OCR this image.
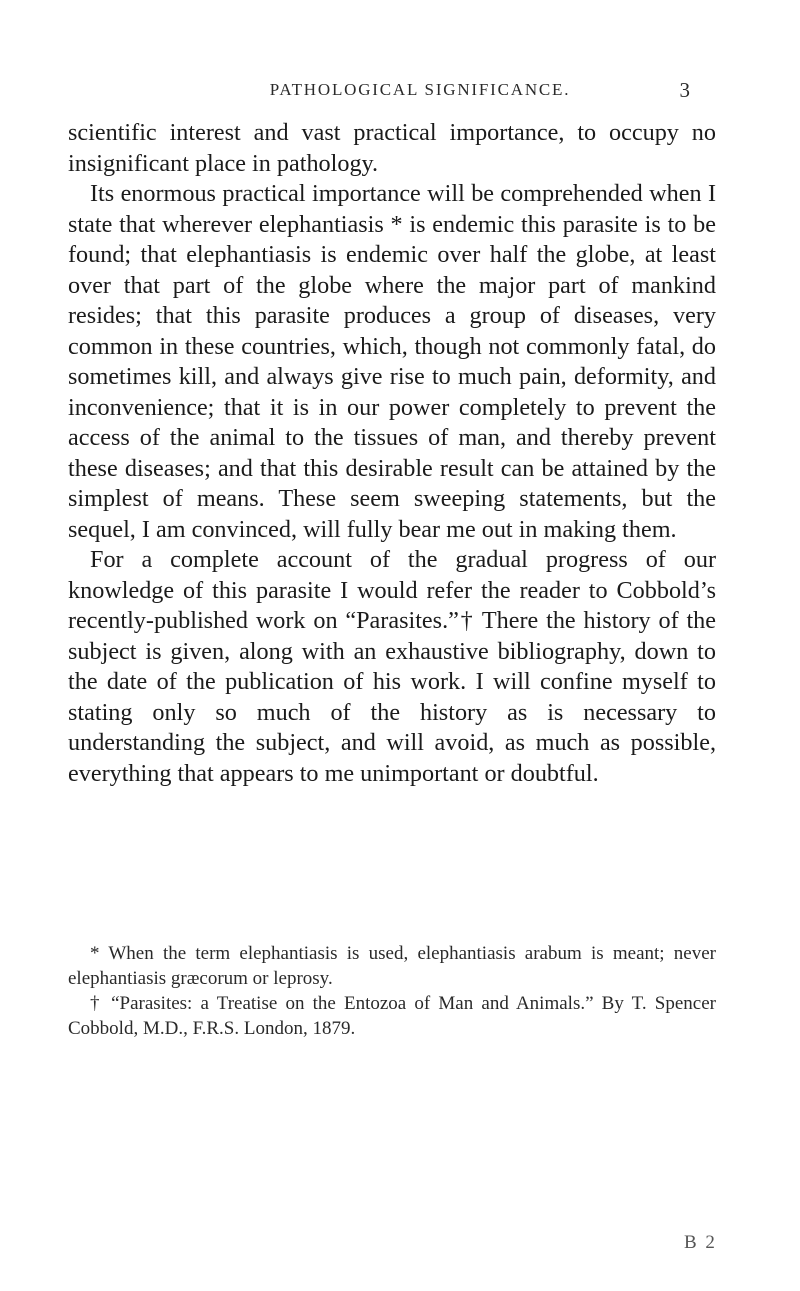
PATHOLOGICAL SIGNIFICANCE.	3

scientific interest and vast practical importance, to occupy no insignificant place in pathology.

Its enormous practical importance will be comprehended when I state that wherever elephantiasis * is endemic this parasite is to be found; that elephantiasis is endemic over half the globe, at least over that part of the globe where the major part of mankind resides; that this parasite produces a group of diseases, very common in these countries, which, though not commonly fatal, do sometimes kill, and always give rise to much pain, deformity, and inconvenience; that it is in our power completely to prevent the access of the animal to the tissues of man, and thereby prevent these diseases; and that this desirable result can be attained by the simplest of means. These seem sweeping statements, but the sequel, I am convinced, will fully bear me out in making them.

For a complete account of the gradual progress of our knowledge of this parasite I would refer the reader to Cobbold’s recently-published work on “Parasites.”† There the history of the subject is given, along with an exhaustive bibliography, down to the date of the publication of his work. I will confine myself to stating only so much of the history as is necessary to understanding the subject, and will avoid, as much as possible, everything that appears to me unimportant or doubtful.

* When the term elephantiasis is used, elephantiasis arabum is meant; never elephantiasis græcorum or leprosy.

† “Parasites: a Treatise on the Entozoa of Man and Animals.” By T. Spencer Cobbold, M.D., F.R.S. London, 1879.

B 2
